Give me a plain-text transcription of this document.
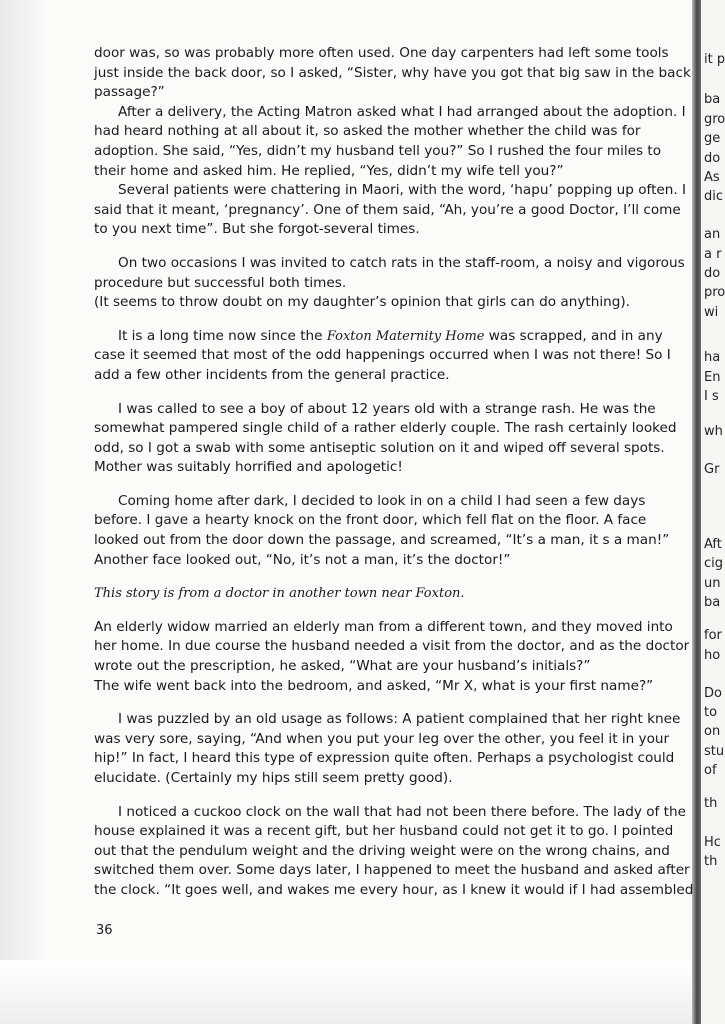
it p
ba
gro
ge
do
As
dic
an
a r
do
pro
wi
ha
En
I s
wh
Gr
Aft
cig
un
ba
for
ho
Do
to
on
stu
of
th
Hc
th

door was, so was probably more often used. One day carpenters had left some tools just inside the back door, so I asked, “Sister, why have you got that big saw in the back passage?”

After a delivery, the Acting Matron asked what I had arranged about the adoption. I had heard nothing at all about it, so asked the mother whether the child was for adoption. She said, “Yes, didn’t my husband tell you?” So I rushed the four miles to their home and asked him. He replied, “Yes, didn’t my wife tell you?”

Several patients were chattering in Maori, with the word, ‘hapu’ popping up often. I said that it meant, ‘pregnancy’. One of them said, “Ah, you’re a good Doctor, I’ll come to you next time”. But she forgot-several times.

On two occasions I was invited to catch rats in the staff-room, a noisy and vigorous procedure but successful both times.

(It seems to throw doubt on my daughter’s opinion that girls can do anything).

It is a long time now since the Foxton Maternity Home was scrapped, and in any case it seemed that most of the odd happenings occurred when I was not there! So I add a few other incidents from the general practice.

I was called to see a boy of about 12 years old with a strange rash. He was the somewhat pampered single child of a rather elderly couple. The rash certainly looked odd, so I got a swab with some antiseptic solution on it and wiped off several spots. Mother was suitably horrified and apologetic!

Coming home after dark, I decided to look in on a child I had seen a few days before. I gave a hearty knock on the front door, which fell flat on the floor. A face looked out from the door down the passage, and screamed, “It’s a man, it s a man!” Another face looked out, “No, it’s not a man, it’s the doctor!”

This story is from a doctor in another town near Foxton.

An elderly widow married an elderly man from a different town, and they moved into her home. In due course the husband needed a visit from the doctor, and as the doctor wrote out the prescription, he asked, “What are your husband’s initials?”

The wife went back into the bedroom, and asked, “Mr X, what is your first name?”

I was puzzled by an old usage as follows: A patient complained that her right knee was very sore, saying, “And when you put your leg over the other, you feel it in your hip!” In fact, I heard this type of expression quite often. Perhaps a psychologist could elucidate. (Certainly my hips still seem pretty good).

I noticed a cuckoo clock on the wall that had not been there before. The lady of the house explained it was a recent gift, but her husband could not get it to go. I pointed out that the pendulum weight and the driving weight were on the wrong chains, and switched them over. Some days later, I happened to meet the husband and asked after the clock. “It goes well, and wakes me every hour, as I knew it would if I had assembled

36
